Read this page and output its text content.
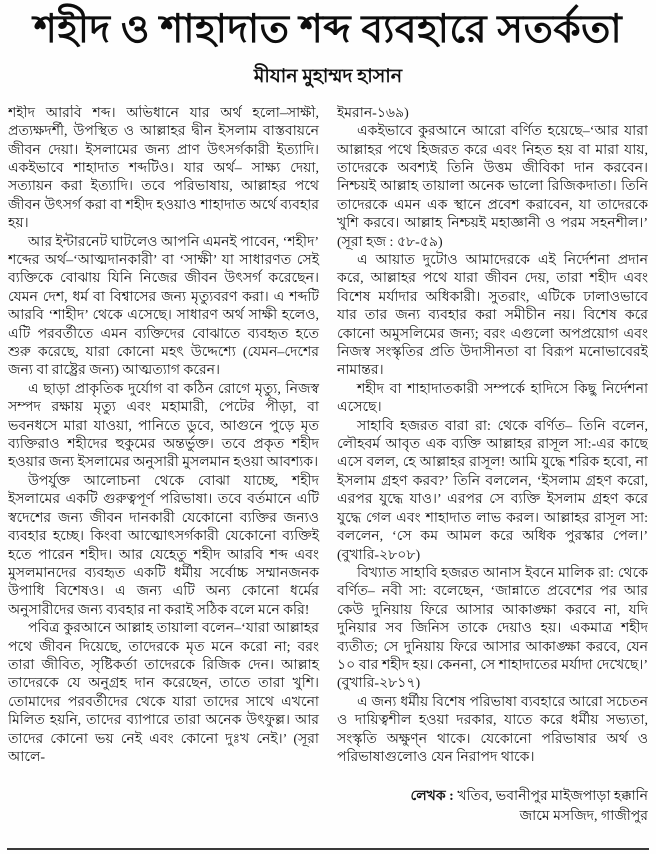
শহীদ ও শাহাদাত শব্দ ব্যবহারে সতর্কতা
মীযান মুহাম্মদ হাসান

শহীদ আরবি শব্দ। অভিধানে যার অর্থ হলো–সাক্ষী, প্রত্যক্ষদর্শী, উপস্থিত ও আল্লাহর দ্বীন ইসলাম বাস্তবায়নে জীবন দেয়া। ইসলামের জন্য প্রাণ উৎসর্গকারী ইত্যাদি। একইভাবে শাহাদাত শব্দটিও। যার অর্থ– সাক্ষ্য দেয়া, সত্যায়ন করা ইত্যাদি। তবে পরিভাষায়, আল্লাহর পথে জীবন উৎসর্গ করা বা শহীদ হওয়াও শাহাদাত অর্থে ব্যবহার হয়।

আর ইন্টারনেট ঘাটলেও আপনি এমনই পাবেন, ‘শহীদ’ শব্দের অর্থ–‘আত্মদানকারী’ বা ‘সাক্ষী’ যা সাধারণত সেই ব্যক্তিকে বোঝায় যিনি নিজের জীবন উৎসর্গ করেছেন। যেমন দেশ, ধর্ম বা বিশ্বাসের জন্য মৃত্যুবরণ করা। এ শব্দটি আরবি ‘শাহীদ’ থেকে এসেছে। সাধারণ অর্থ সাক্ষী হলেও, এটি পরবর্তীতে এমন ব্যক্তিদের বোঝাতে ব্যবহৃত হতে শুরু করেছে, যারা কোনো মহৎ উদ্দেশ্যে (যেমন–দেশের জন্য বা রাষ্ট্রের জন্য) আত্মত্যাগ করেন।

এ ছাড়া প্রাকৃতিক দুর্যোগ বা কঠিন রোগে মৃত্যু, নিজস্ব সম্পদ রক্ষায় মৃত্যু এবং মহামারী, পেটের পীড়া, বা ভবনধসে মারা যাওয়া, পানিতে ডুবে, আগুনে পুড়ে মৃত ব্যক্তিরাও শহীদের হুকুমের অন্তর্ভুক্ত। তবে প্রকৃত শহীদ হওয়ার জন্য ইসলামের অনুসারী মুসলমান হওয়া আবশ্যক।

উপর্যুক্ত আলোচনা থেকে বোঝা যাচ্ছে, শহীদ ইসলামের একটি গুরুত্বপূর্ণ পরিভাষা। তবে বর্তমানে এটি স্বদেশের জন্য জীবন দানকারী যেকোনো ব্যক্তির জন্যও ব্যবহার হচ্ছে। কিংবা আত্মোৎসর্গকারী যেকোনো ব্যক্তিই হতে পারেন শহীদ। আর যেহেতু শহীদ আরবি শব্দ এবং মুসলমানদের ব্যবহৃত একটি ধর্মীয় সর্বোচ্চ সম্মানজনক উপাধি বিশেষও। এ জন্য এটি অন্য কোনো ধর্মের অনুসারীদের জন্য ব্যবহার না করাই সঠিক বলে মনে করি!

পবিত্র কুরআনে আল্লাহ তায়ালা বলেন–‘যারা আল্লাহর পথে জীবন দিয়েছে, তাদেরকে মৃত মনে করো না; বরং তারা জীবিত, সৃষ্টিকর্তা তাদেরকে রিজিক দেন। আল্লাহ তাদেরকে যে অনুগ্রহ দান করেছেন, তাতে তারা খুশি। তোমাদের পরবর্তীদের থেকে যারা তাদের সাথে এখনো মিলিত হয়নি, তাদের ব্যাপারে তারা অনেক উৎফুল্ল। আর তাদের কোনো ভয় নেই এবং কোনো দুঃখ নেই।’ (সূরা আলে-

ইমরান-১৬৯)

একইভাবে কুরআনে আরো বর্ণিত হয়েছে–‘আর যারা আল্লাহর পথে হিজরত করে এবং নিহত হয় বা মারা যায়, তাদেরকে অবশ্যই তিনি উত্তম জীবিকা দান করবেন। নিশ্চয়ই আল্লাহ তায়ালা অনেক ভালো রিজিকদাতা। তিনি তাদেরকে এমন এক স্থানে প্রবেশ করাবেন, যা তাদেরকে খুশি করবে। আল্লাহ নিশ্চয়ই মহাজ্ঞানী ও পরম সহনশীল।’ (সূরা হজ : ৫৮-৫৯)

এ আয়াত দুটোও আমাদেরকে এই নির্দেশনা প্রদান করে, আল্লাহর পথে যারা জীবন দেয়, তারা শহীদ এবং বিশেষ মর্যাদার অধিকারী। সুতরাং, এটিকে ঢালাওভাবে যার তার জন্য ব্যবহার করা সমীচীন নয়। বিশেষ করে কোনো অমুসলিমের জন্য; বরং এগুলো অপপ্রয়োগ এবং নিজস্ব সংস্কৃতির প্রতি উদাসীনতা বা বিরূপ মনোভাবেরই নামান্তর।

শহীদ বা শাহাদাতকারী সম্পর্কে হাদিসে কিছু নির্দেশনা এসেছে।

সাহাবি হজরত বারা রা: থেকে বর্ণিত– তিনি বলেন, লৌহবর্ম আবৃত এক ব্যক্তি আল্লাহর রাসূল সা:-এর কাছে এসে বলল, হে আল্লাহর রাসূল! আমি যুদ্ধে শরিক হবো, না ইসলাম গ্রহণ করব?’ তিনি বললেন, ‘ইসলাম গ্রহণ করো, এরপর যুদ্ধে যাও।’ এরপর সে ব্যক্তি ইসলাম গ্রহণ করে যুদ্ধে গেল এবং শাহাদাত লাভ করল। আল্লাহর রাসূল সা: বললেন, ‘সে কম আমল করে অধিক পুরস্কার পেল।’ (বুখারি-২৮০৮)

বিখ্যাত সাহাবি হজরত আনাস ইবনে মালিক রা: থেকে বর্ণিত– নবী সা: বলেছেন, ‘জান্নাতে প্রবেশের পর আর কেউ দুনিয়ায় ফিরে আসার আকাঙ্ক্ষা করবে না, যদি দুনিয়ার সব জিনিস তাকে দেয়াও হয়। একমাত্র শহীদ ব্যতীত; সে দুনিয়ায় ফিরে আসার আকাঙ্ক্ষা করবে, যেন ১০ বার শহীদ হয়। কেননা, সে শাহাদাতের মর্যাদা দেখেছে।’ (বুখারি-২৮১৭)

এ জন্য ধর্মীয় বিশেষ পরিভাষা ব্যবহারে আরো সচেতন ও দায়িত্বশীল হওয়া দরকার, যাতে করে ধর্মীয় সভ্যতা, সংস্কৃতি অক্ষুণ্ন থাকে। যেকোনো পরিভাষার অর্থ ও পরিভাষাগুলোও যেন নিরাপদ থাকে।

লেখক : খতিব, ভবানীপুর মাইজপাড়া হক্কানি
জামে মসজিদ, গাজীপুর
